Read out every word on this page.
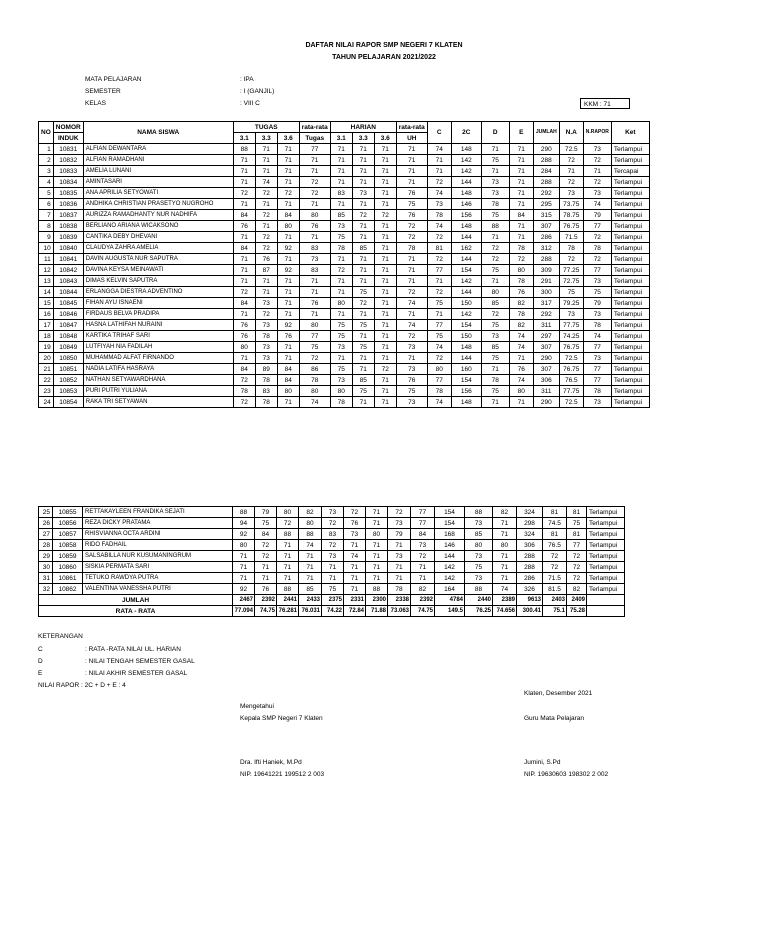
DAFTAR NILAI RAPOR SMP NEGERI 7 KLATEN
TAHUN PELAJARAN 2021/2022
MATA PELAJARAN	: IPA
SEMESTER	: I (GANJIL)
KELAS	: VIII C	KKM : 71
NO	NOMOR	NAMA SISWA	TUGAS			rata-rata	HARIAN			rata-rata	C	2C	D	E	JUMLAH	N.A	N.RAPOR	Ket
	INDUK		3.1	3.3	3.6	Tugas	3.1	3.3	3.6	UH								
1	10831	ALFIAN DEWANTARA	88	71	71	77	71	71	71	71	74	148	71	71	290	72.5	73	Terlampui
2	10832	ALFIAN RAMADHANI	71	71	71	71	71	71	71	71	71	142	75	71	288	72	72	Terlampui
3	10833	AMELIA LUNANI	71	71	71	71	71	71	71	71	71	142	71	71	284	71	71	Tercapai
4	10834	AMINTASARI	71	74	71	72	71	71	71	71	72	144	73	71	288	72	72	Terlampui
5	10835	ANA APRILIA SETYOWATI	72	72	72	72	83	73	71	76	74	148	73	71	292	73	73	Terlampui
6	10836	ANDHIKA CHRISTIAN PRASETYO NUGROHO	71	71	71	71	71	71	71	75	73	146	78	71	295	73.75	74	Terlampui
7	10837	AURIZZA RAMADHANTY NUR NADHIFA	84	72	84	80	85	72	72	76	78	156	75	84	315	78.75	79	Terlampui
8	10838	BERLIANO ARIANA WICAKSONO	76	71	80	76	73	71	71	72	74	148	88	71	307	76.75	77	Terlampui
9	10839	CANTIKA DEBY DHEVANI	71	72	71	71	75	71	71	72	72	144	71	71	286	71.5	72	Terlampui
10	10840	CLAUDYA ZAHRA AMELIA	84	72	92	83	78	85	71	78	81	162	72	78	312	78	78	Terlampui
11	10841	DAVIN AUGUSTA NUR SAPUTRA	71	76	71	73	71	71	71	71	72	144	72	72	288	72	72	Terlampui
12	10842	DAVINA KEYSA MEINAWATI	71	87	92	83	72	71	71	71	77	154	75	80	309	77.25	77	Terlampui
13	10843	DIMAS KELVIN SAPUTRA	71	71	71	71	71	71	71	71	71	142	71	78	291	72.75	73	Terlampui
14	10844	ERLANGGA DIESTRA ADVENTINO	72	71	71	71	71	75	71	72	72	144	80	76	300	75	75	Terlampui
15	10845	FIHAN AYU ISNAENI	84	73	71	76	80	72	71	74	75	150	85	82	317	79.25	79	Terlampui
16	10846	FIRDAUS BELVA PRADIPA	71	72	71	71	71	71	71	71	71	142	72	78	292	73	73	Terlampui
17	10847	HASNA LATHIFAH NURAINI	76	73	92	80	75	75	71	74	77	154	75	82	311	77.75	78	Terlampui
18	10848	KARTIKA TRIHAF SARI	76	78	76	77	75	71	71	72	75	150	73	74	297	74.25	74	Terlampui
19	10849	LUTFIYAH NIA FADILAH	80	73	71	75	73	75	71	73	74	148	85	74	307	76.75	77	Terlampui
20	10850	MUHAMMAD ALFAT FIRNANDO	71	73	71	72	71	71	71	71	72	144	75	71	290	72.5	73	Terlampui
21	10851	NADIA LATIFA HASRAYA	84	89	84	86	75	71	72	73	80	160	71	76	307	76.75	77	Terlampui
22	10852	NATHAN SETYAWARDHANA	72	78	84	78	73	85	71	76	77	154	78	74	306	76.5	77	Terlampui
23	10853	PURI PUTRI YULIANA	78	83	80	80	80	75	71	75	78	156	75	80	311	77.75	78	Terlampui
24	10854	RAKA TRI SETYAWAN	72	78	71	74	78	71	71	73	74	148	71	71	290	72.5	73	Terlampui
25	10855	RETTAKAYLEEN FRANDIKA SEJATI	88	79	80	82	73	72	71	72	77	154	88	82	324	81	81	Terlampui
26	10856	REZA DICKY PRATAMA	94	75	72	80	72	76	71	73	77	154	73	71	298	74.5	75	Terlampui
27	10857	RHISVIANNA OCTA ARDINI	92	84	88	88	83	73	80	79	84	168	85	71	324	81	81	Terlampui
28	10858	RIDO FADHAIL	80	72	71	74	72	71	71	71	73	146	80	80	306	76.5	77	Terlampui
29	10859	SALSABILLA NUR KUSUMANINGRUM	71	72	71	71	73	74	71	73	72	144	73	71	288	72	72	Terlampui
30	10860	SISKIA PERMATA SARI	71	71	71	71	71	71	71	71	71	142	75	71	288	72	72	Terlampui
31	10861	TETUKO RAWDYA PUTRA	71	71	71	71	71	71	71	71	71	142	73	71	286	71.5	72	Terlampui
32	10862	VALENTINA VANESSHA PUTRI	92	76	88	85	75	71	88	78	82	164	88	74	326	81.5	82	Terlampui
JUMLAH			2467	2392	2441	2433	2375	2331	2300	2338	2392	4784	2440	2389	9613	2403	2409	
RATA - RATA			77.094	74.75	76.281	76.031	74.22	72.84	71.88	73.063	74.75	149.5	76.25	74.656	300.41	75.1	75.28	
KETERANGAN
C	: RATA -RATA NILAI UL. HARIAN
D	: NILAI TENGAH SEMESTER GASAL
E	: NILAI AKHIR SEMESTER GASAL
NILAI RAPOR : 2C + D + E : 4
Klaten, Desember 2021
Mengetahui
Kepala SMP Negeri 7 Klaten	Guru Mata Pelajaran
Dra. Ifti Haniek, M.Pd
NIP. 19641221 199512 2 003
Jumini, S.Pd
NIP. 19630603 198302 2 002
